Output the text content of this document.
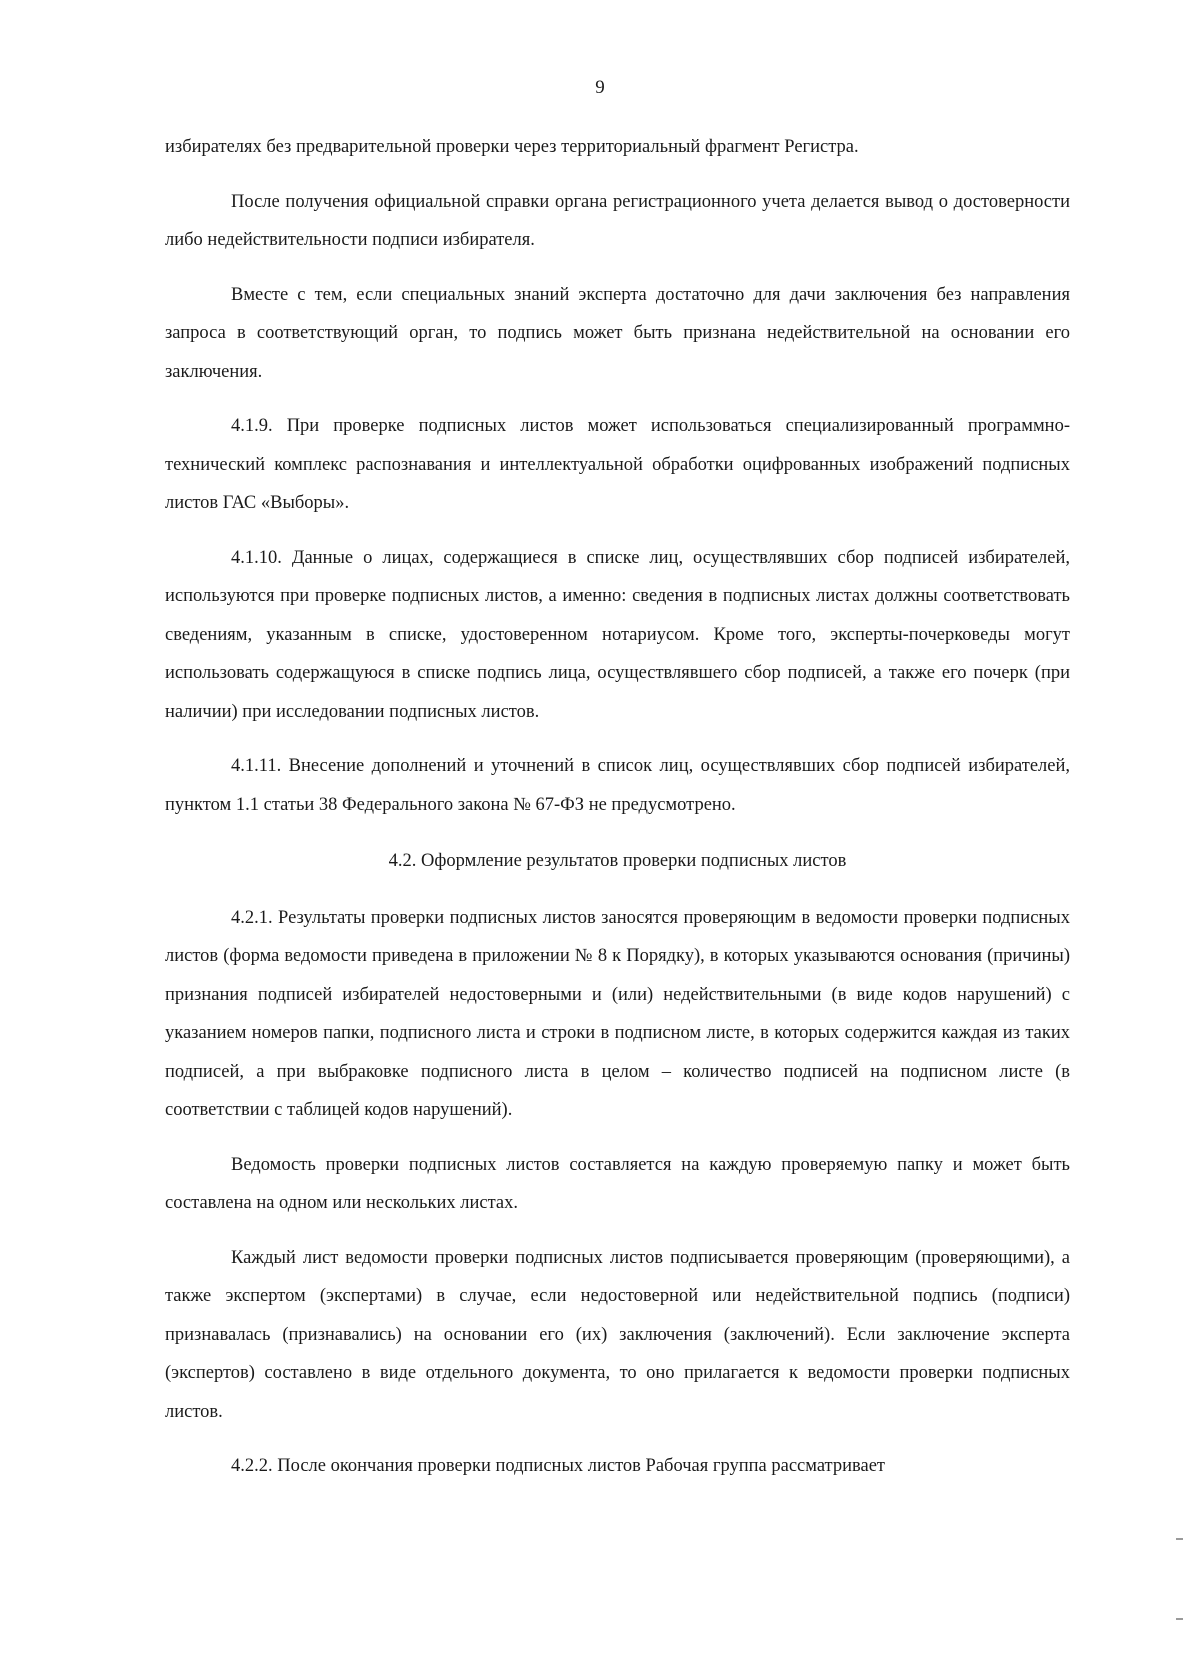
9

избирателях без предварительной проверки через территориальный фрагмент Регистра.

После получения официальной справки органа регистрационного учета делается вывод о достоверности либо недействительности подписи избирателя.

Вместе с тем, если специальных знаний эксперта достаточно для дачи заключения без направления запроса в соответствующий орган, то подпись может быть признана недействительной на основании его заключения.

4.1.9. При проверке подписных листов может использоваться специализированный программно-технический комплекс распознавания и интеллектуальной обработки оцифрованных изображений подписных листов ГАС «Выборы».

4.1.10. Данные о лицах, содержащиеся в списке лиц, осуществлявших сбор подписей избирателей, используются при проверке подписных листов, а именно: сведения в подписных листах должны соответствовать сведениям, указанным в списке, удостоверенном нотариусом. Кроме того, эксперты-почерковеды могут использовать содержащуюся в списке подпись лица, осуществлявшего сбор подписей, а также его почерк (при наличии) при исследовании подписных листов.

4.1.11. Внесение дополнений и уточнений в список лиц, осуществлявших сбор подписей избирателей, пунктом 1.1 статьи 38 Федерального закона № 67-ФЗ не предусмотрено.

4.2. Оформление результатов проверки подписных листов

4.2.1. Результаты проверки подписных листов заносятся проверяющим в ведомости проверки подписных листов (форма ведомости приведена в приложении № 8 к Порядку), в которых указываются основания (причины) признания подписей избирателей недостоверными и (или) недействительными (в виде кодов нарушений) с указанием номеров папки, подписного листа и строки в подписном листе, в которых содержится каждая из таких подписей, а при выбраковке подписного листа в целом – количество подписей на подписном листе (в соответствии с таблицей кодов нарушений).

Ведомость проверки подписных листов составляется на каждую проверяемую папку и может быть составлена на одном или нескольких листах.

Каждый лист ведомости проверки подписных листов подписывается проверяющим (проверяющими), а также экспертом (экспертами) в случае, если недостоверной или недействительной подпись (подписи) признавалась (признавались) на основании его (их) заключения (заключений). Если заключение эксперта (экспертов) составлено в виде отдельного документа, то оно прилагается к ведомости проверки подписных листов.

4.2.2. После окончания проверки подписных листов Рабочая группа рассматривает
